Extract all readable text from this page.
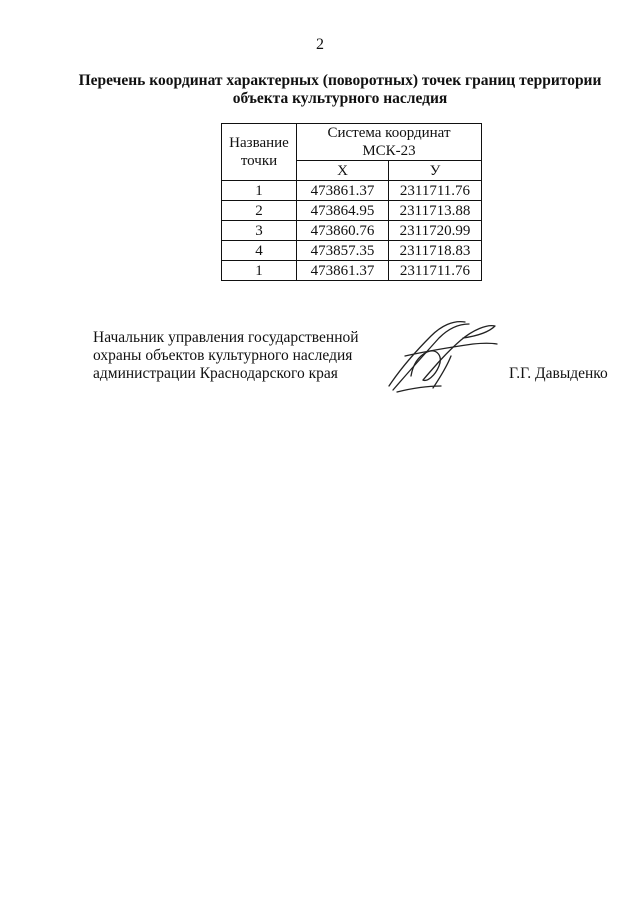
2
Перечень координат характерных (поворотных) точек границ территории
объекта культурного наследия
Название точки	Система координат
МСК-23	

	Х	У
1	473861.37	2311711.76
2	473864.95	2311713.88
3	473860.76	2311720.99
4	473857.35	2311718.83
1	473861.37	2311711.76
Начальник управления государственной
охраны объектов культурного наследия
администрации Краснодарского края	Г.Г. Давыденко
